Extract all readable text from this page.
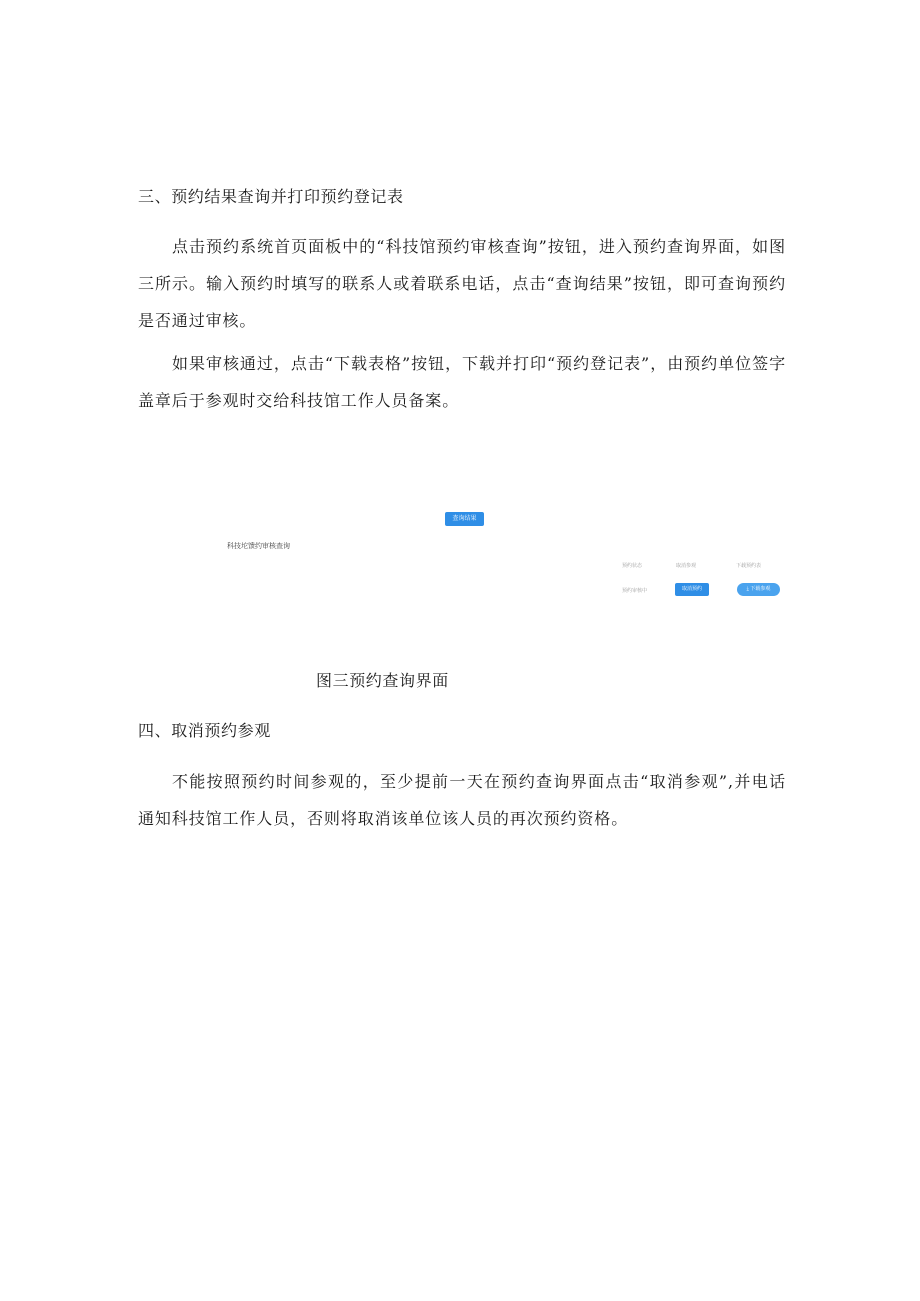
三、预约结果查询并打印预约登记表
点击预约系统首页面板中的“科技馆预约审核查询”按钮，进入预约查询界面，如图三所示。输入预约时填写的联系人或着联系电话，点击“查询结果”按钮，即可查询预约是否通过审核。
如果审核通过，点击“下载表格”按钮，下载并打印“预约登记表”，由预约单位签字盖章后于参观时交给科技馆工作人员备案。
查询结果
科技坨馈约审核查询
预约状态	取消参观	下载预约表
预约审核中	取消预约	⤓ 下载参观
图三预约查询界面
四、取消预约参观
不能按照预约时间参观的，至少提前一天在预约查询界面点击“取消参观”,并电话通知科技馆工作人员，否则将取消该单位该人员的再次预约资格。
